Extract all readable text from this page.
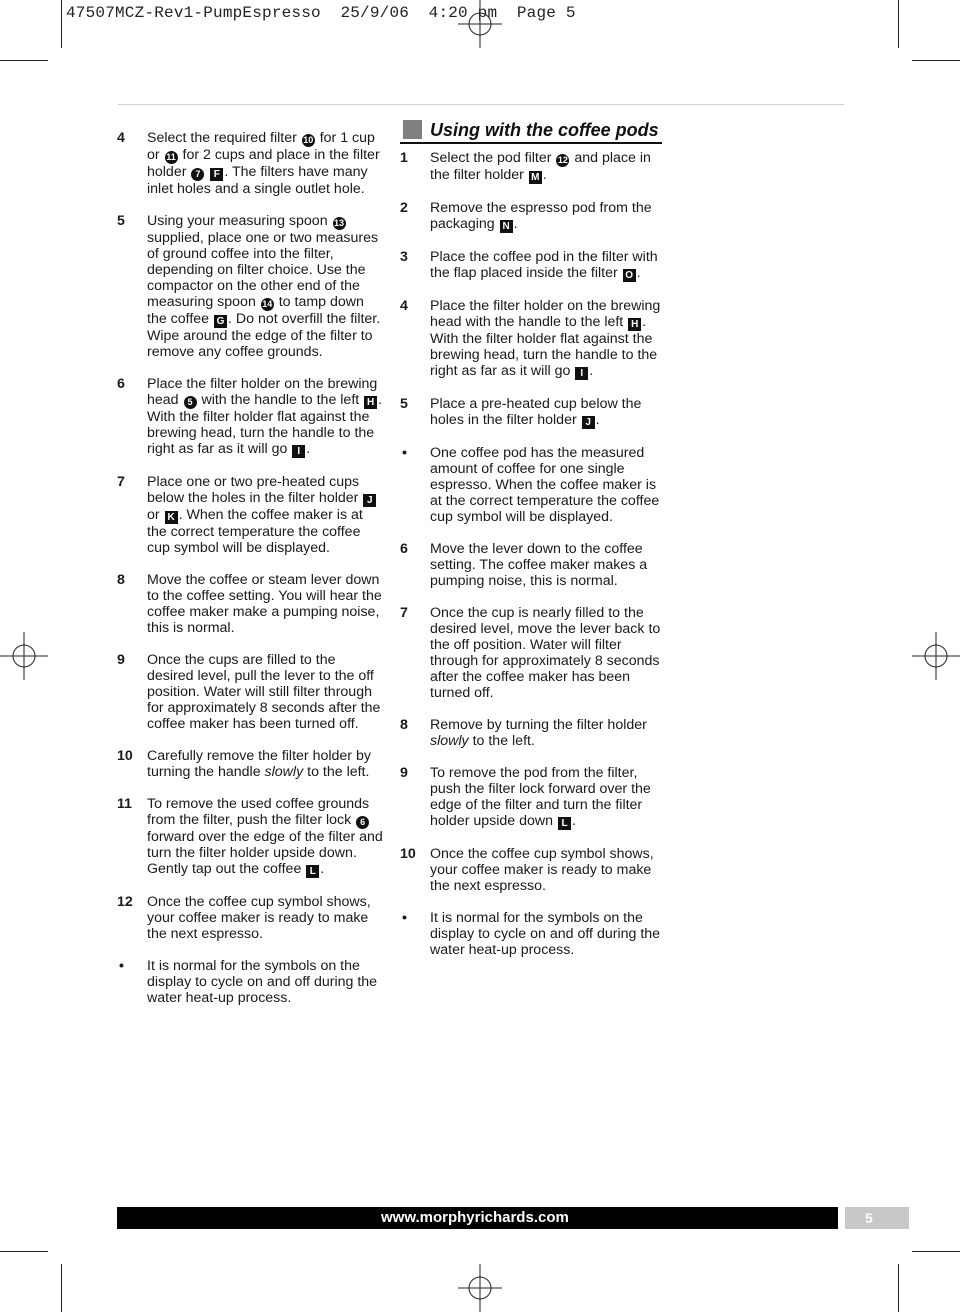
47507MCZ-Rev1-PumpEspresso  25/9/06  4:20 pm  Page 5
4 Select the required filter 10 for 1 cup or 11 for 2 cups and place in the filter holder 7 F . The filters have many inlet holes and a single outlet hole.
5 Using your measuring spoon 13 supplied, place one or two measures of ground coffee into the filter, depending on filter choice. Use the compactor on the other end of the measuring spoon 14 to tamp down the coffee G . Do not overfill the filter. Wipe around the edge of the filter to remove any coffee grounds.
6 Place the filter holder on the brewing head 5 with the handle to the left H . With the filter holder flat against the brewing head, turn the handle to the right as far as it will go I .
7 Place one or two pre-heated cups below the holes in the filter holder J or K . When the coffee maker is at the correct temperature the coffee cup symbol will be displayed.
8 Move the coffee or steam lever down to the coffee setting. You will hear the coffee maker make a pumping noise, this is normal.
9 Once the cups are filled to the desired level, pull the lever to the off position. Water will still filter through for approximately 8 seconds after the coffee maker has been turned off.
10 Carefully remove the filter holder by turning the handle slowly to the left.
11 To remove the used coffee grounds from the filter, push the filter lock 6 forward over the edge of the filter and turn the filter holder upside down. Gently tap out the coffee L .
12 Once the coffee cup symbol shows, your coffee maker is ready to make the next espresso.
• It is normal for the symbols on the display to cycle on and off during the water heat-up process.
Using with the coffee pods
1 Select the pod filter 12 and place in the filter holder M .
2 Remove the espresso pod from the packaging N .
3 Place the coffee pod in the filter with the flap placed inside the filter O .
4 Place the filter holder on the brewing head with the handle to the left H . With the filter holder flat against the brewing head, turn the handle to the right as far as it will go I .
5 Place a pre-heated cup below the holes in the filter holder J .
• One coffee pod has the measured amount of coffee for one single espresso. When the coffee maker is at the correct temperature the coffee cup symbol will be displayed.
6 Move the lever down to the coffee setting. The coffee maker makes a pumping noise, this is normal.
7 Once the cup is nearly filled to the desired level, move the lever back to the off position. Water will filter through for approximately 8 seconds after the coffee maker has been turned off.
8 Remove by turning the filter holder slowly to the left.
9 To remove the pod from the filter, push the filter lock forward over the edge of the filter and turn the filter holder upside down L .
10 Once the coffee cup symbol shows, your coffee maker is ready to make the next espresso.
• It is normal for the symbols on the display to cycle on and off during the water heat-up process.
www.morphyrichards.com	5
